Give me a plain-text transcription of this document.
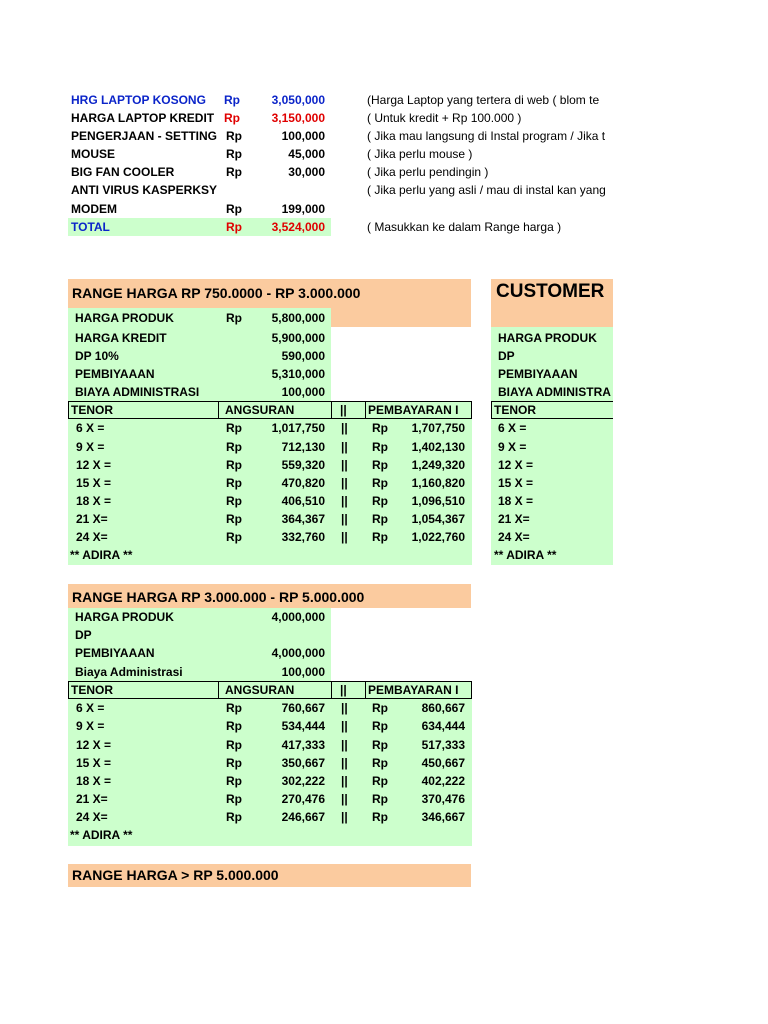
HRG LAPTOP KOSONG Rp	3,050,000	(Harga Laptop yang tertera di web ( blom te
HARGA LAPTOP KREDIT Rp	3,150,000	( Untuk kredit + Rp 100.000 )
PENGERJAAN - SETTING Rp	100,000	( Jika mau langsung di Instal program / Jika t
MOUSE	Rp	45,000	( Jika perlu mouse )
BIG FAN COOLER	Rp	30,000	( Jika perlu pendingin )
ANTI VIRUS KASPERKSY	( Jika perlu yang asli / mau di instal kan yang
MODEM	Rp	199,000
TOTAL	Rp	3,524,000	( Masukkan ke dalam Range harga )
RANGE HARGA RP 750.0000 - RP 3.000.000
HARGA PRODUK	Rp	5,800,000
HARGA KREDIT	5,900,000
DP 10%	590,000
PEMBIYAAAN	5,310,000
BIAYA ADMINISTRASI	100,000
TENOR	ANGSURAN	||	PEMBAYARAN I
6 X =	Rp	1,017,750 || Rp	1,707,750
9 X =	Rp	712,130 || Rp	1,402,130
12 X =	Rp	559,320 || Rp	1,249,320
15 X =	Rp	470,820 || Rp	1,160,820
18 X =	Rp	406,510 || Rp	1,096,510
21 X=	Rp	364,367 || Rp	1,054,367
24 X=	Rp	332,760 || Rp	1,022,760
** ADIRA **
CUSTOMER
HARGA PRODUK
DP
PEMBIYAAAN
BIAYA ADMINISTRA
TENOR
6 X =
9 X =
12 X =
15 X =
18 X =
21 X=
24 X=
** ADIRA **
RANGE HARGA RP 3.000.000 - RP 5.000.000
HARGA PRODUK	4,000,000
DP
PEMBIYAAAN	4,000,000
Biaya Administrasi	100,000
TENOR	ANGSURAN	||	PEMBAYARAN I
6 X =	Rp	760,667 || Rp	860,667
9 X =	Rp	534,444 || Rp	634,444
12 X =	Rp	417,333 || Rp	517,333
15 X =	Rp	350,667 || Rp	450,667
18 X =	Rp	302,222 || Rp	402,222
21 X=	Rp	270,476 || Rp	370,476
24 X=	Rp	246,667 || Rp	346,667
** ADIRA **
RANGE HARGA > RP 5.000.000
